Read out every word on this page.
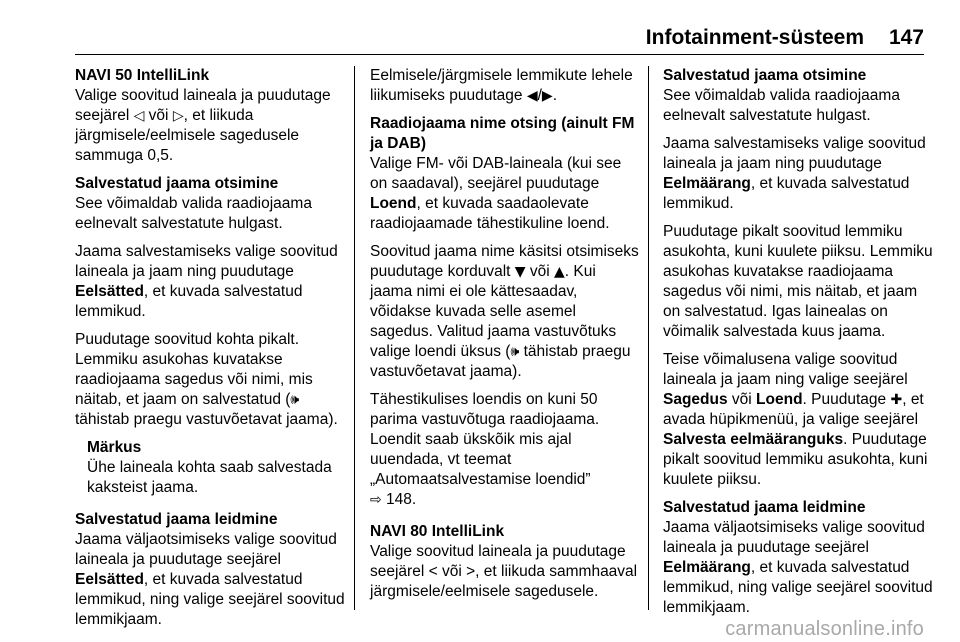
Infotainment-süsteem 147

NAVI 50 IntelliLink

Valige soovitud laineala ja puudutage seejärel ◁ või ▷, et liikuda järgmisele/eelmisele sagedusele sammuga 0,5.

Salvestatud jaama otsimine

See võimaldab valida raadiojaama eelnevalt salvestatute hulgast.

Jaama salvestamiseks valige soovitud laineala ja jaam ning puudutage Eelsätted, et kuvada salvestatud lemmikud.

Puudutage soovitud kohta pikalt. Lemmiku asukohas kuvatakse raadiojaama sagedus või nimi, mis näitab, et jaam on salvestatud (🕪 tähistab praegu vastuvõetavat jaama).

Märkus

Ühe laineala kohta saab salvestada kaksteist jaama.

Salvestatud jaama leidmine

Jaama väljaotsimiseks valige soovitud laineala ja puudutage seejärel Eelsätted, et kuvada salvestatud lemmikud, ning valige seejärel soovitud lemmikjaam.

Eelmisele/järgmisele lemmikute lehele liikumiseks puudutage ◀/▶.

Raadiojaama nime otsing (ainult FM ja DAB)

Valige FM- või DAB-laineala (kui see on saadaval), seejärel puudutage Loend, et kuvada saadaolevate raadiojaamade tähestikuline loend.

Soovitud jaama nime käsitsi otsimiseks puudutage korduvalt ▼ või ▲. Kui jaama nimi ei ole kättesaadav, võidakse kuvada selle asemel sagedus. Valitud jaama vastuvõtuks valige loendi üksus (🕪 tähistab praegu vastuvõetavat jaama).

Tähestikulises loendis on kuni 50 parima vastuvõtuga raadiojaama. Loendit saab ükskõik mis ajal uuendada, vt teemat „Automaatsalvestamise loendid”
⇨ 148.

NAVI 80 IntelliLink

Valige soovitud laineala ja puudutage seejärel < või >, et liikuda sammhaaval järgmisele/eelmisele sagedusele.

Salvestatud jaama otsimine

See võimaldab valida raadiojaama eelnevalt salvestatute hulgast.

Jaama salvestamiseks valige soovitud laineala ja jaam ning puudutage Eelmäärang, et kuvada salvestatud lemmikud.

Puudutage pikalt soovitud lemmiku asukohta, kuni kuulete piiksu. Lemmiku asukohas kuvatakse raadiojaama sagedus või nimi, mis näitab, et jaam on salvestatud. Igas lainealas on võimalik salvestada kuus jaama.

Teise võimalusena valige soovitud laineala ja jaam ning valige seejärel Sagedus või Loend. Puudutage ✚, et avada hüpikmenüü, ja valige seejärel Salvesta eelmääranguks. Puudutage pikalt soovitud lemmiku asukohta, kuni kuulete piiksu.

Salvestatud jaama leidmine

Jaama väljaotsimiseks valige soovitud laineala ja puudutage seejärel Eelmäärang, et kuvada salvestatud lemmikud, ning valige seejärel soovitud lemmikjaam.

carmanualsonline.info
